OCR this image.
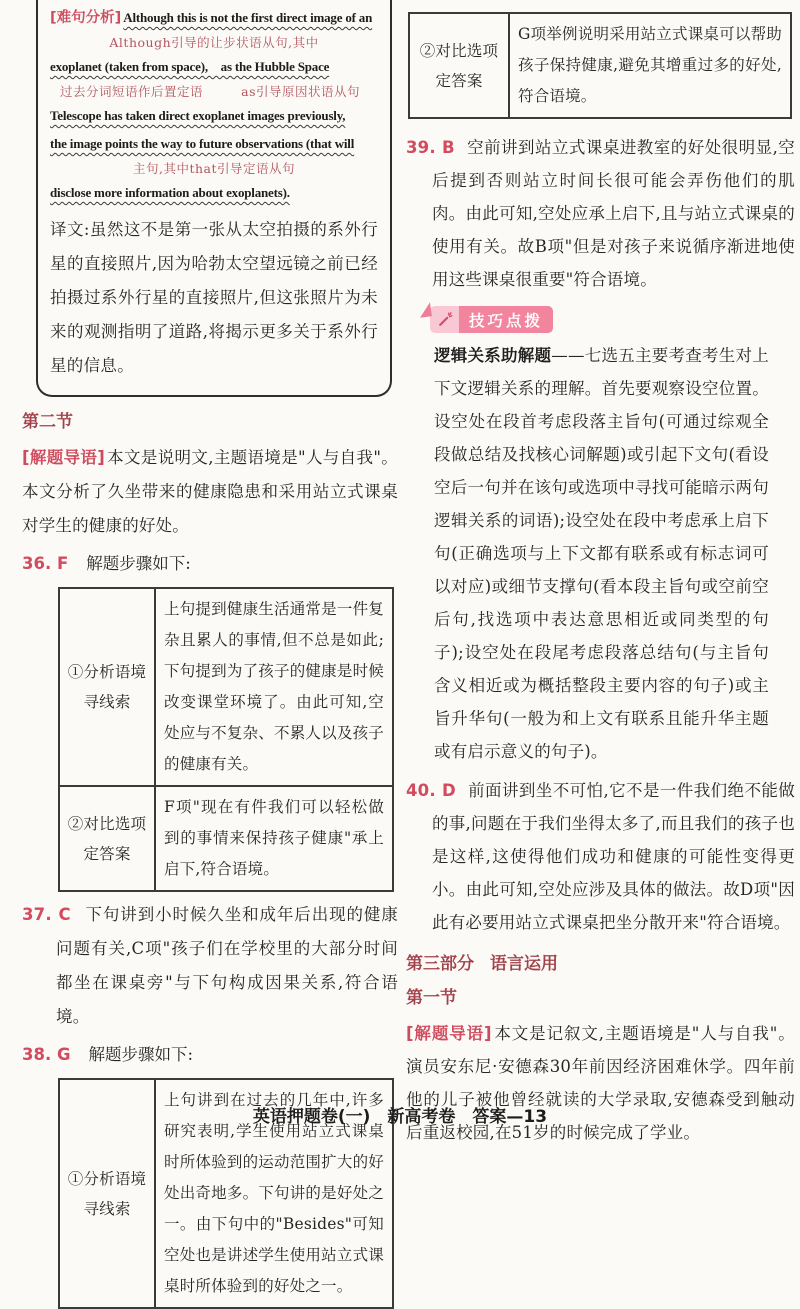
[难句分析] Although this is not the first direct image of an
Although引导的让步状语从句,其中
exoplanet (taken from space), as the Hubble Space
过去分词短语作后置定语	as引导原因状语从句
Telescope has taken direct exoplanet images previously,
the image points the way to future observations (that will
主句,其中that引导定语从句
disclose more information about exoplanets).

译文:虽然这不是第一张从太空拍摄的系外行星的直接照片,因为哈勃太空望远镜之前已经拍摄过系外行星的直接照片,但这张照片为未来的观测指明了道路,将揭示更多关于系外行星的信息。

第二节

[解题导语] 本文是说明文,主题语境是"人与自我"。本文分析了久坐带来的健康隐患和采用站立式课桌对学生的健康的好处。

36. F 解题步骤如下:

①分析语境寻线索	上句提到健康生活通常是一件复杂且累人的事情,但不总是如此;下句提到为了孩子的健康是时候改变课堂环境了。由此可知,空处应与不复杂、不累人以及孩子的健康有关。
②对比选项定答案	F项"现在有件我们可以轻松做到的事情来保持孩子健康"承上启下,符合语境。

37. C 下句讲到小时候久坐和成年后出现的健康问题有关,C项"孩子们在学校里的大部分时间都坐在课桌旁"与下句构成因果关系,符合语境。

38. G 解题步骤如下:

①分析语境寻线索	上句讲到在过去的几年中,许多研究表明,学生使用站立式课桌时所体验到的运动范围扩大的好处出奇地多。下句讲的是好处之一。由下句中的"Besides"可知空处也是讲述学生使用站立式课桌时所体验到的好处之一。
②对比选项定答案	G项举例说明采用站立式课桌可以帮助孩子保持健康,避免其增重过多的好处,符合语境。

39. B 空前讲到站立式课桌进教室的好处很明显,空后提到否则站立时间长很可能会弄伤他们的肌肉。由此可知,空处应承上启下,且与站立式课桌的使用有关。故B项"但是对孩子来说循序渐进地使用这些课桌很重要"符合语境。

技巧点拨

逻辑关系助解题——七选五主要考查考生对上下文逻辑关系的理解。首先要观察设空位置。设空处在段首考虑段落主旨句(可通过综观全段做总结及找核心词解题)或引起下文句(看设空后一句并在该句或选项中寻找可能暗示两句逻辑关系的词语);设空处在段中考虑承上启下句(正确选项与上下文都有联系或有标志词可以对应)或细节支撑句(看本段主旨句或空前空后句,找选项中表达意思相近或同类型的句子);设空处在段尾考虑段落总结句(与主旨句含义相近或为概括整段主要内容的句子)或主旨升华句(一般为和上文有联系且能升华主题或有启示意义的句子)。

40. D 前面讲到坐不可怕,它不是一件我们绝不能做的事,问题在于我们坐得太多了,而且我们的孩子也是这样,这使得他们成功和健康的可能性变得更小。由此可知,空处应涉及具体的做法。故D项"因此有必要用站立式课桌把坐分散开来"符合语境。

第三部分 语言运用
第一节

[解题导语] 本文是记叙文,主题语境是"人与自我"。演员安东尼·安德森30年前因经济困难休学。四年前他的儿子被他曾经就读的大学录取,安德森受到触动后重返校园,在51岁的时候完成了学业。

英语押题卷(一) 新高考卷 答案—13
